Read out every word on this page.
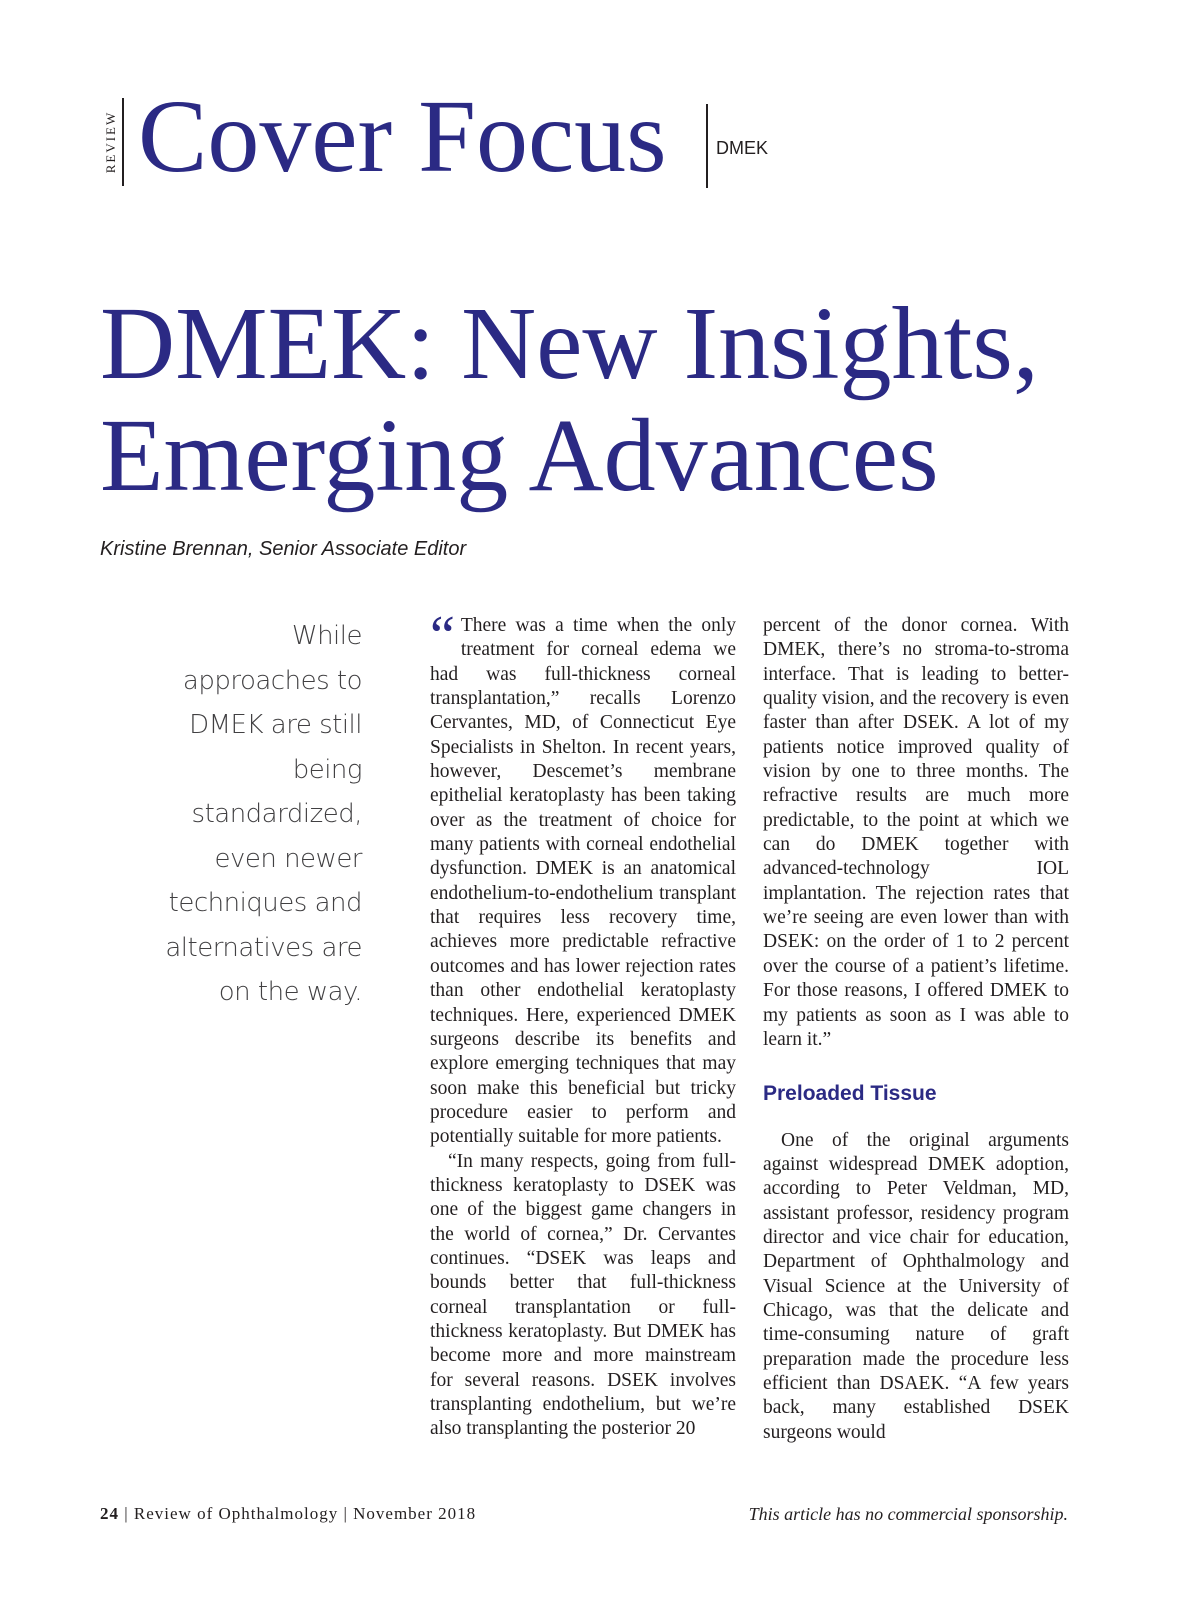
REVIEW Cover Focus	DMEK
DMEK: New Insights,
Emerging Advances
Kristine Brennan, Senior Associate Editor

While approaches to DMEK are still being standardized, even newer techniques and alternatives are on the way.

“ There was a time when the only treatment for corneal edema we had was full-thickness corneal transplantation,” recalls Lorenzo Cervantes, MD, of Connecticut Eye Specialists in Shelton. In recent years, however, Descemet’s membrane epithelial keratoplasty has been taking over as the treatment of choice for many patients with corneal endothelial dysfunction. DMEK is an anatomical endothelium-to-endothelium transplant that requires less recovery time, achieves more predictable refractive outcomes and has lower rejection rates than other endothelial keratoplasty techniques. Here, experienced DMEK surgeons describe its benefits and explore emerging techniques that may soon make this beneficial but tricky procedure easier to perform and potentially suitable for more patients.

“In many respects, going from full-thickness keratoplasty to DSEK was one of the biggest game changers in the world of cornea,” Dr. Cervantes continues. “DSEK was leaps and bounds better that full-thickness corneal transplantation or full-thickness keratoplasty. But DMEK has become more and more mainstream for several reasons. DSEK involves transplanting endothelium, but we’re also transplanting the posterior 20

percent of the donor cornea. With DMEK, there’s no stroma-to-stroma interface. That is leading to better-quality vision, and the recovery is even faster than after DSEK. A lot of my patients notice improved quality of vision by one to three months. The refractive results are much more predictable, to the point at which we can do DMEK together with advanced-technology IOL implantation. The rejection rates that we’re seeing are even lower than with DSEK: on the order of 1 to 2 percent over the course of a patient’s lifetime. For those reasons, I offered DMEK to my patients as soon as I was able to learn it.”

Preloaded Tissue

One of the original arguments against widespread DMEK adoption, according to Peter Veldman, MD, assistant professor, residency program director and vice chair for education, Department of Ophthalmology and Visual Science at the University of Chicago, was that the delicate and time-consuming nature of graft preparation made the procedure less efficient than DSAEK. “A few years back, many established DSEK surgeons would

24 | Review of Ophthalmology | November 2018	This article has no commercial sponsorship.
